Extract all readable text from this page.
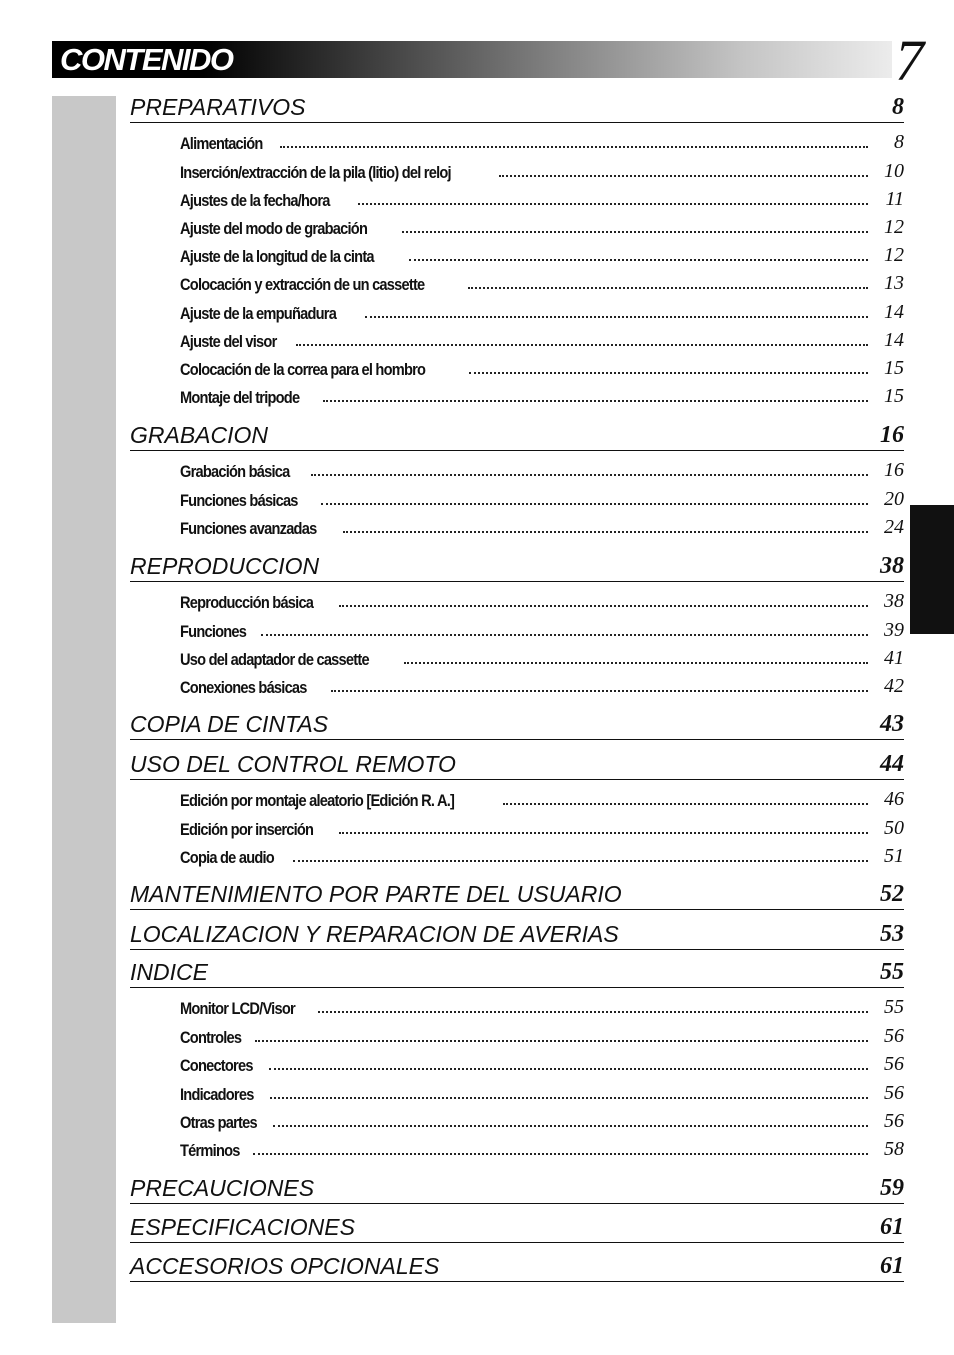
CONTENIDO	7
PREPARATIVOS	8
Alimentación	8
Inserción/extracción de la pila (litio) del reloj	10
Ajustes de la fecha/hora	11
Ajuste del modo de grabación	12
Ajuste de la longitud de la cinta	12
Colocación y extracción de un cassette	13
Ajuste de la empuñadura	14
Ajuste del visor	14
Colocación de la correa para el hombro	15
Montaje del tripode	15
GRABACION	16
Grabación básica	16
Funciones básicas	20
Funciones avanzadas	24
REPRODUCCION	38
Reproducción básica	38
Funciones	39
Uso del adaptador de cassette	41
Conexiones básicas	42
COPIA DE CINTAS	43
USO DEL CONTROL REMOTO	44
Edición por montaje aleatorio [Edición R. A.]	46
Edición por inserción	50
Copia de audio	51
MANTENIMIENTO POR PARTE DEL USUARIO	52
LOCALIZACION Y REPARACION DE AVERIAS	53
INDICE	55
Monitor LCD/Visor	55
Controles	56
Conectores	56
Indicadores	56
Otras partes	56
Términos	58
PRECAUCIONES	59
ESPECIFICACIONES	61
ACCESORIOS OPCIONALES	61
